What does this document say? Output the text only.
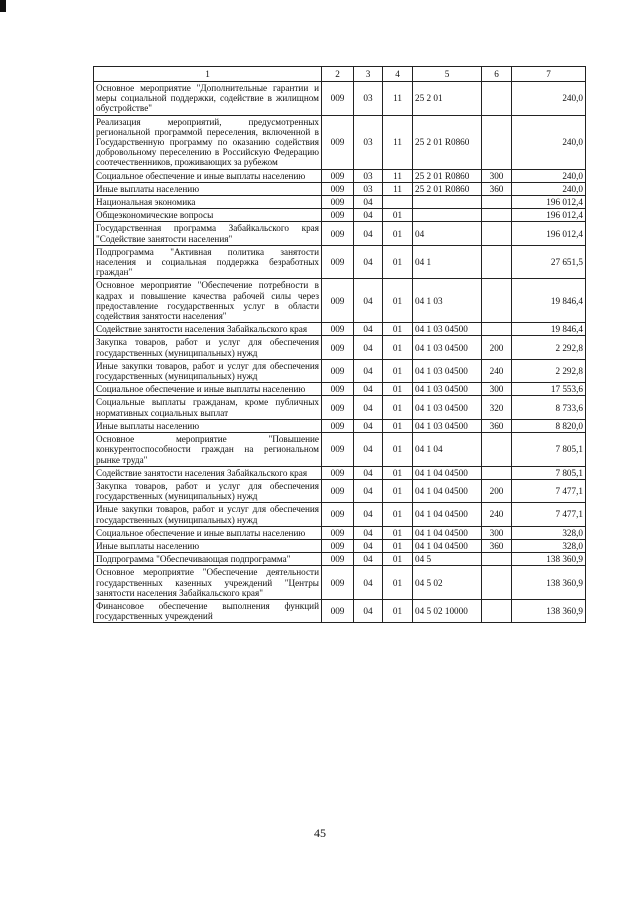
1	2	3	4	5	6	7
Основное мероприятие "Дополнительные гарантии и меры социальной поддержки, содействие в жилищном обустройстве"	009	03	11	25 2 01		240,0
Реализация мероприятий, предусмотренных региональной программой переселения, включенной в Государственную программу по оказанию содействия добровольному переселению в Российскую Федерацию соотечественников, проживающих за рубежом	009	03	11	25 2 01 R0860		240,0
Социальное обеспечение и иные выплаты населению	009	03	11	25 2 01 R0860	300	240,0
Иные выплаты населению	009	03	11	25 2 01 R0860	360	240,0
Национальная экономика	009	04				196 012,4
Общеэкономические вопросы	009	04	01			196 012,4
Государственная программа Забайкальского края "Содействие занятости населения"	009	04	01	04		196 012,4
Подпрограмма "Активная политика занятости населения и социальная поддержка безработных граждан"	009	04	01	04 1		27 651,5
Основное мероприятие "Обеспечение потребности в кадрах и повышение качества рабочей силы через предоставление государственных услуг в области содействия занятости населения"	009	04	01	04 1 03		19 846,4
Содействие занятости населения Забайкальского края	009	04	01	04 1 03 04500		19 846,4
Закупка товаров, работ и услуг для обеспечения государственных (муниципальных) нужд	009	04	01	04 1 03 04500	200	2 292,8
Иные закупки товаров, работ и услуг для обеспечения государственных (муниципальных) нужд	009	04	01	04 1 03 04500	240	2 292,8
Социальное обеспечение и иные выплаты населению	009	04	01	04 1 03 04500	300	17 553,6
Социальные выплаты гражданам, кроме публичных нормативных социальных выплат	009	04	01	04 1 03 04500	320	8 733,6
Иные выплаты населению	009	04	01	04 1 03 04500	360	8 820,0
Основное мероприятие "Повышение конкурентоспособности граждан на региональном рынке труда"	009	04	01	04 1 04		7 805,1
Содействие занятости населения Забайкальского края	009	04	01	04 1 04 04500		7 805,1
Закупка товаров, работ и услуг для обеспечения государственных (муниципальных) нужд	009	04	01	04 1 04 04500	200	7 477,1
Иные закупки товаров, работ и услуг для обеспечения государственных (муниципальных) нужд	009	04	01	04 1 04 04500	240	7 477,1
Социальное обеспечение и иные выплаты населению	009	04	01	04 1 04 04500	300	328,0
Иные выплаты населению	009	04	01	04 1 04 04500	360	328,0
Подпрограмма "Обеспечивающая подпрограмма"	009	04	01	04 5		138 360,9
Основное мероприятие "Обеспечение деятельности государственных казенных учреждений "Центры занятости населения Забайкальского края"	009	04	01	04 5 02		138 360,9
Финансовое обеспечение выполнения функций государственных учреждений	009	04	01	04 5 02 10000		138 360,9
45
